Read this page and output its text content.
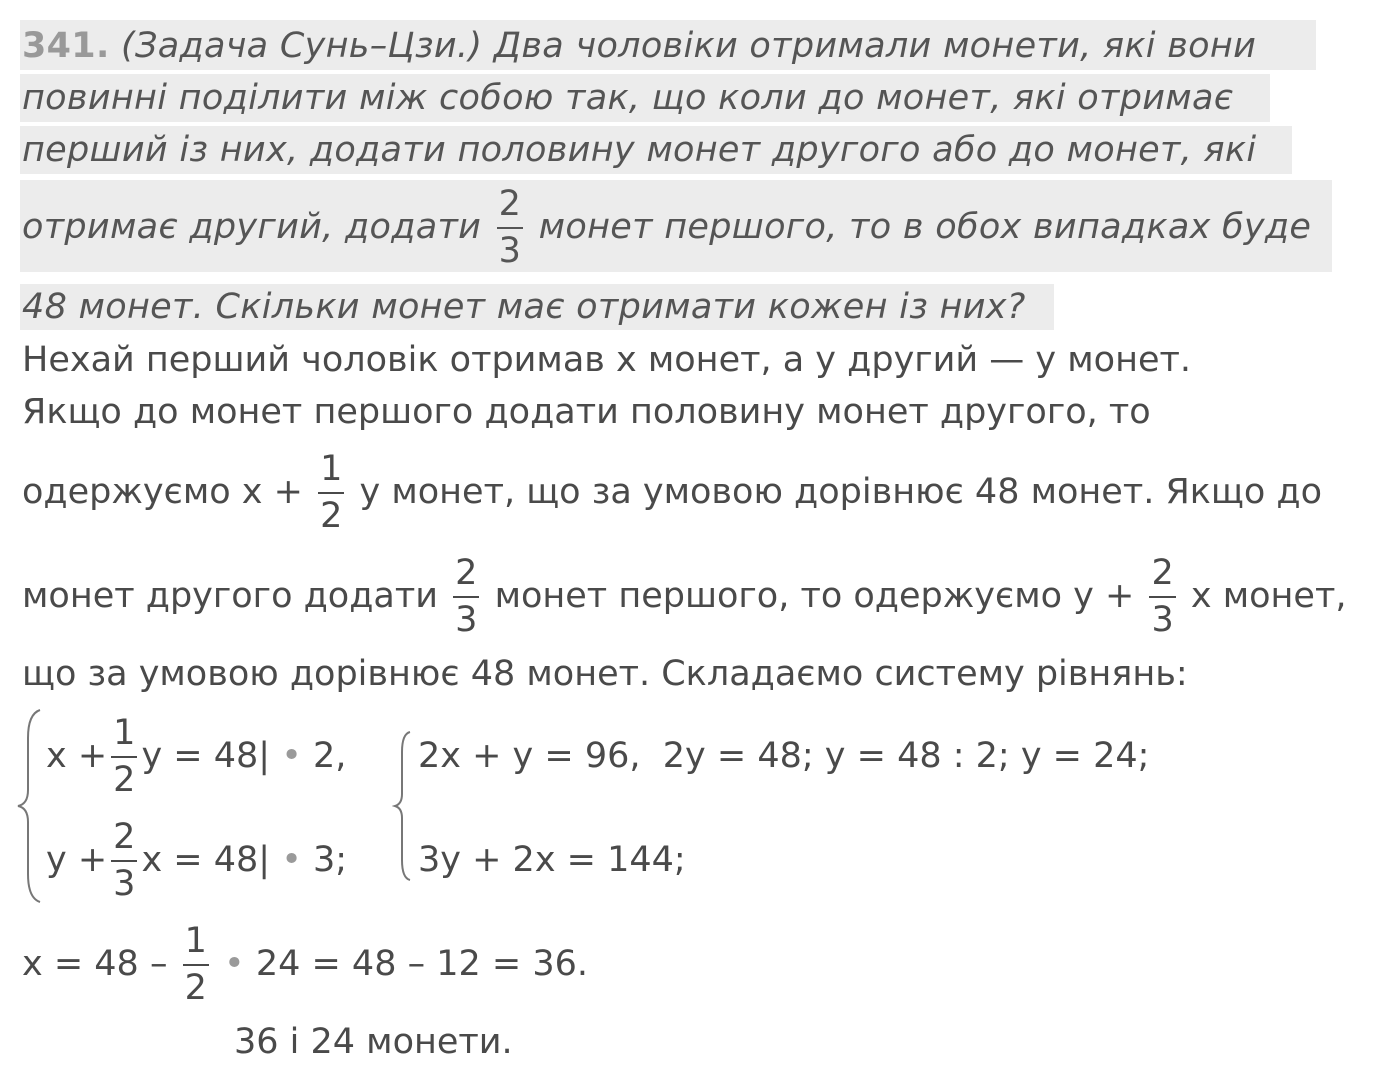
341. (Задача Сунь–Цзи.) Два чоловіки отримали монети, які вони
повинні поділити між собою так, що коли до монет, які отримає
перший із них, додати половину монет другого або до монет, які
отримає другий, додати $\frac{2}{3}$ монет першого, то в обох випадках буде
48 монет. Скільки монет має отримати кожен із них?
Нехай перший чоловік отримав x монет, а у другий — у монет.
Якщо до монет першого додати половину монет другого, то
одержуємо $x + \frac{1}{2}$ y монет, що за умовою дорівнює 48 монет. Якщо до
монет другого додати $\frac{2}{3}$ монет першого, то одержуємо $y + \frac{2}{3}$ x монет,
що за умовою дорівнює 48 монет. Складаємо систему рівнянь:
$x + \frac{1}{2}$ y = 48| • 2,
$y + \frac{2}{3}$ x = 48| • 3;
2x + y = 96, 2y = 48; y = 48 : 2; y = 24;
3y + 2x = 144;
$x = 48 - \frac{1}{2}$ • 24 = 48 – 12 = 36.
36 і 24 монети.
